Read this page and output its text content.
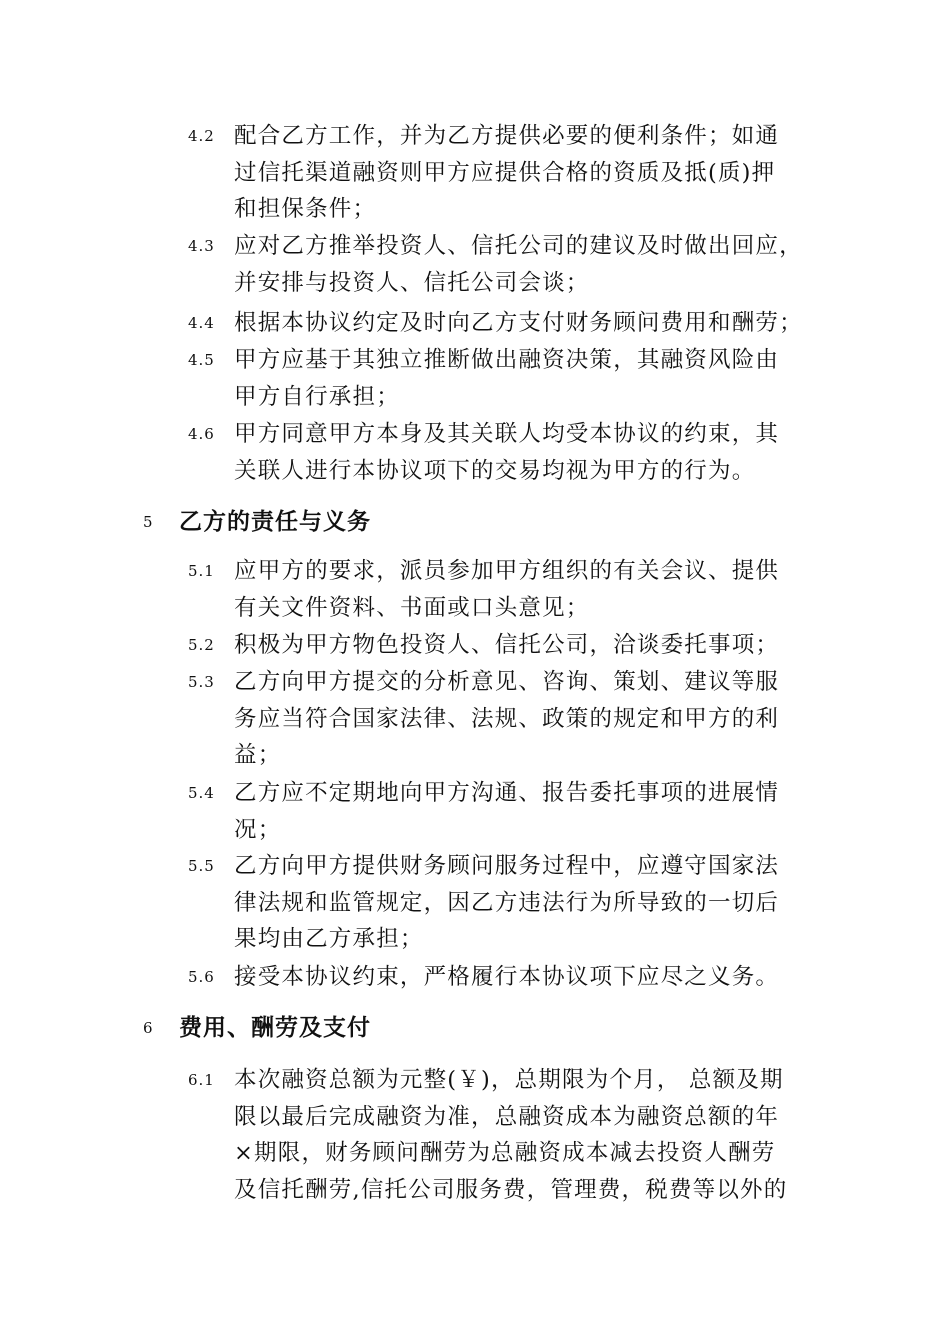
4.2 配合乙方工作，并为乙方提供必要的便利条件；如通
过信托渠道融资则甲方应提供合格的资质及抵(质)押
和担保条件；
4.3 应对乙方推举投资人、信托公司的建议及时做出回应，
并安排与投资人、信托公司会谈；
4.4 根据本协议约定及时向乙方支付财务顾问费用和酬劳；
4.5 甲方应基于其独立推断做出融资决策，其融资风险由
甲方自行承担；
4.6 甲方同意甲方本身及其关联人均受本协议的约束，其
关联人进行本协议项下的交易均视为甲方的行为。
5 乙方的责任与义务
5.1 应甲方的要求，派员参加甲方组织的有关会议、提供
有关文件资料、书面或口头意见；
5.2 积极为甲方物色投资人、信托公司，洽谈委托事项；
5.3 乙方向甲方提交的分析意见、咨询、策划、建议等服
务应当符合国家法律、法规、政策的规定和甲方的利
益；
5.4 乙方应不定期地向甲方沟通、报告委托事项的进展情
况；
5.5 乙方向甲方提供财务顾问服务过程中，应遵守国家法
律法规和监管规定，因乙方违法行为所导致的一切后
果均由乙方承担；
5.6 接受本协议约束，严格履行本协议项下应尽之义务。
6 费用、酬劳及支付
6.1 本次融资总额为元整(￥)，总期限为个月， 总额及期
限以最后完成融资为准，总融资成本为融资总额的年
×期限，财务顾问酬劳为总融资成本减去投资人酬劳
及信托酬劳,信托公司服务费，管理费，税费等以外的
